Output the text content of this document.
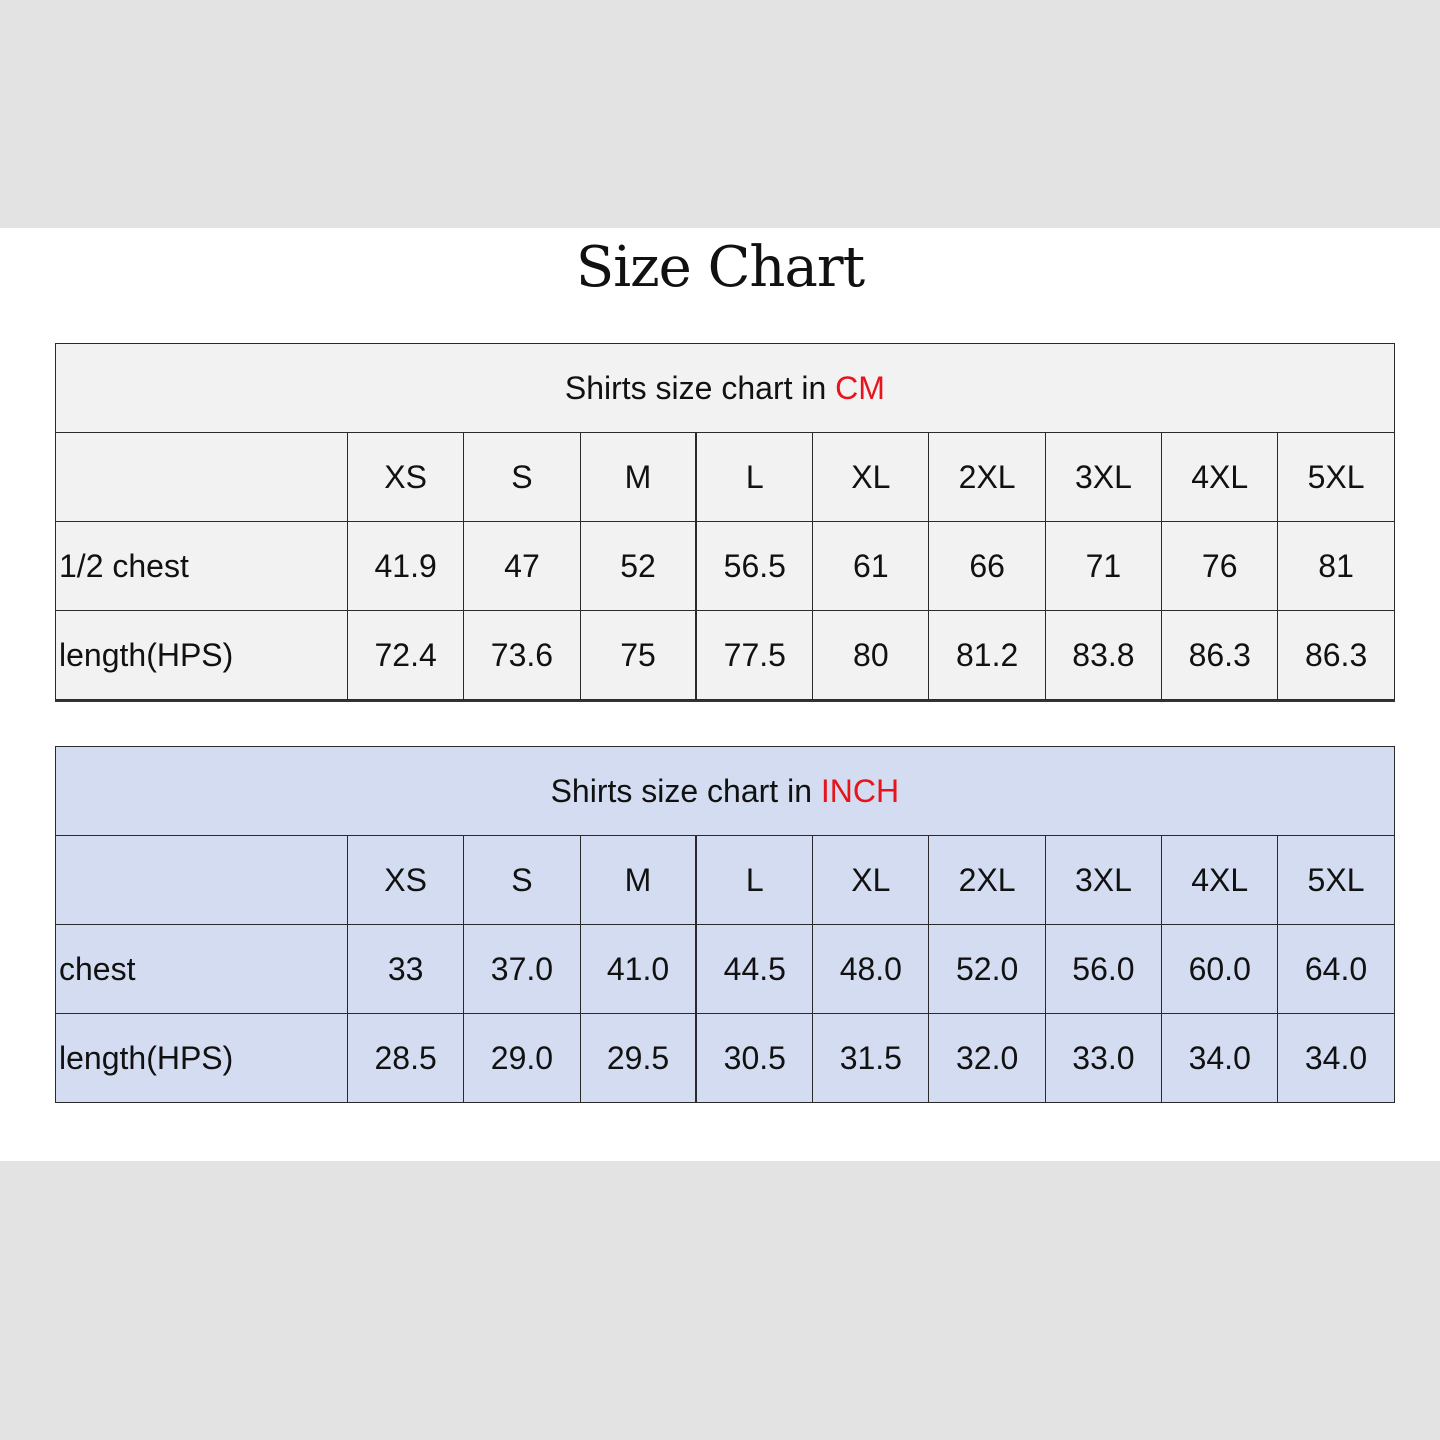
Size Chart
Shirts size chart in CM									
	XS	S	M	L	XL	2XL	3XL	4XL	5XL
1/2 chest	41.9	47	52	56.5	61	66	71	76	81
length(HPS)	72.4	73.6	75	77.5	80	81.2	83.8	86.3	86.3
Shirts size chart in INCH									
	XS	S	M	L	XL	2XL	3XL	4XL	5XL
chest	33	37.0	41.0	44.5	48.0	52.0	56.0	60.0	64.0
length(HPS)	28.5	29.0	29.5	30.5	31.5	32.0	33.0	34.0	34.0
